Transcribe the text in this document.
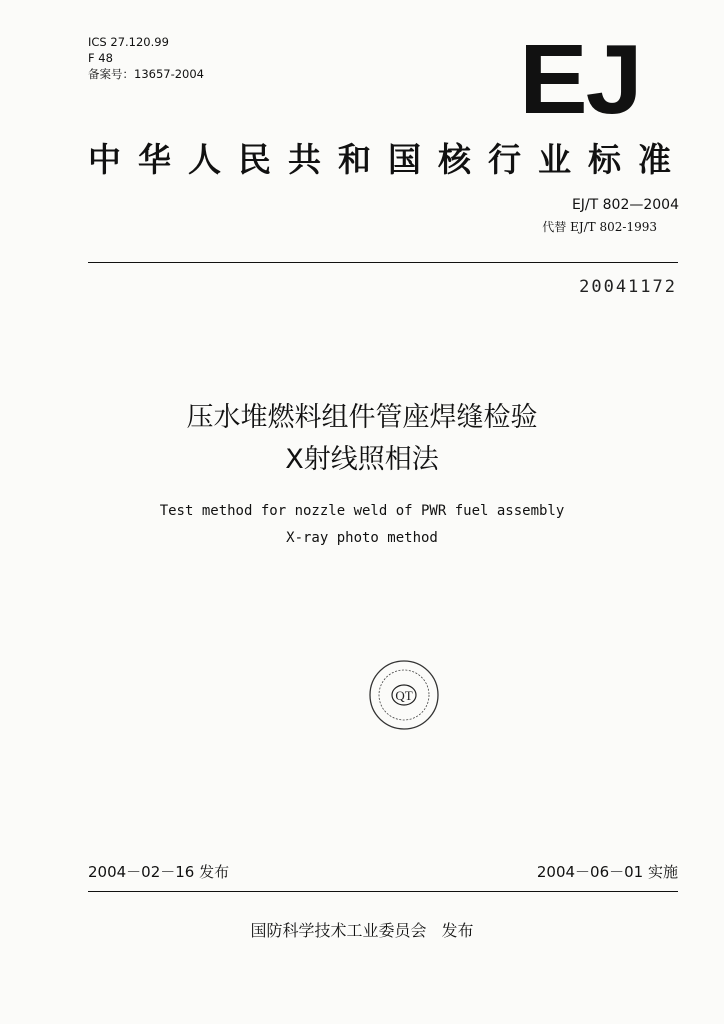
ICS 27.120.99
F 48
备案号：13657-2004	EJ
中华人民共和国核行业标准
EJ/T 802—2004
代替 EJ/T 802-1993
20041172
压水堆燃料组件管座焊缝检验
X射线照相法
Test method for nozzle weld of PWR fuel assembly
X-ray photo method
QT
2004－02－16 发布	2004－06－01 实施
国防科学技术工业委员会 发布
